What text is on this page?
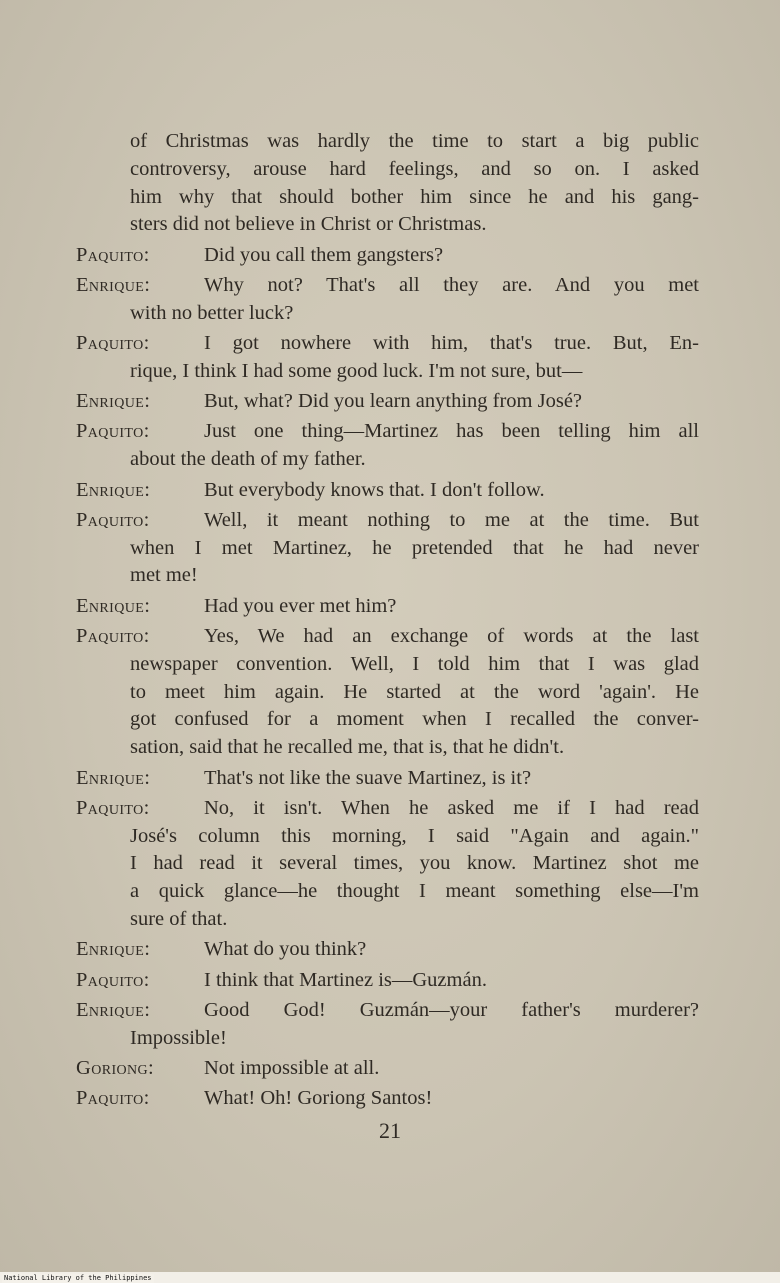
of Christmas was hardly the time to start a big public
controversy, arouse hard feelings, and so on. I asked
him why that should bother him since he and his gang-
sters did not believe in Christ or Christmas.
Paquito:	Did you call them gangsters?
Enrique:	Why not? That's all they are. And you met
with no better luck?
Paquito:	I got nowhere with him, that's true. But, En-
rique, I think I had some good luck. I'm not sure, but—
Enrique:	But, what? Did you learn anything from José?
Paquito:	Just one thing—Martinez has been telling him all
about the death of my father.
Enrique:	But everybody knows that. I don't follow.
Paquito:	Well, it meant nothing to me at the time. But
when I met Martinez, he pretended that he had never
met me!
Enrique:	Had you ever met him?
Paquito:	Yes, We had an exchange of words at the last
newspaper convention. Well, I told him that I was glad
to meet him again. He started at the word 'again'. He
got confused for a moment when I recalled the conver-
sation, said that he recalled me, that is, that he didn't.
Enrique:	That's not like the suave Martinez, is it?
Paquito:	No, it isn't. When he asked me if I had read
José's column this morning, I said "Again and again."
I had read it several times, you know. Martinez shot me
a quick glance—he thought I meant something else—I'm
sure of that.
Enrique:	What do you think?
Paquito:	I think that Martinez is—Guzmán.
Enrique:	Good God! Guzmán—your father's murderer?
Impossible!
Goriong: Not impossible at all.
Paquito:	What! Oh! Goriong Santos!
21
National Library of the Philippines
